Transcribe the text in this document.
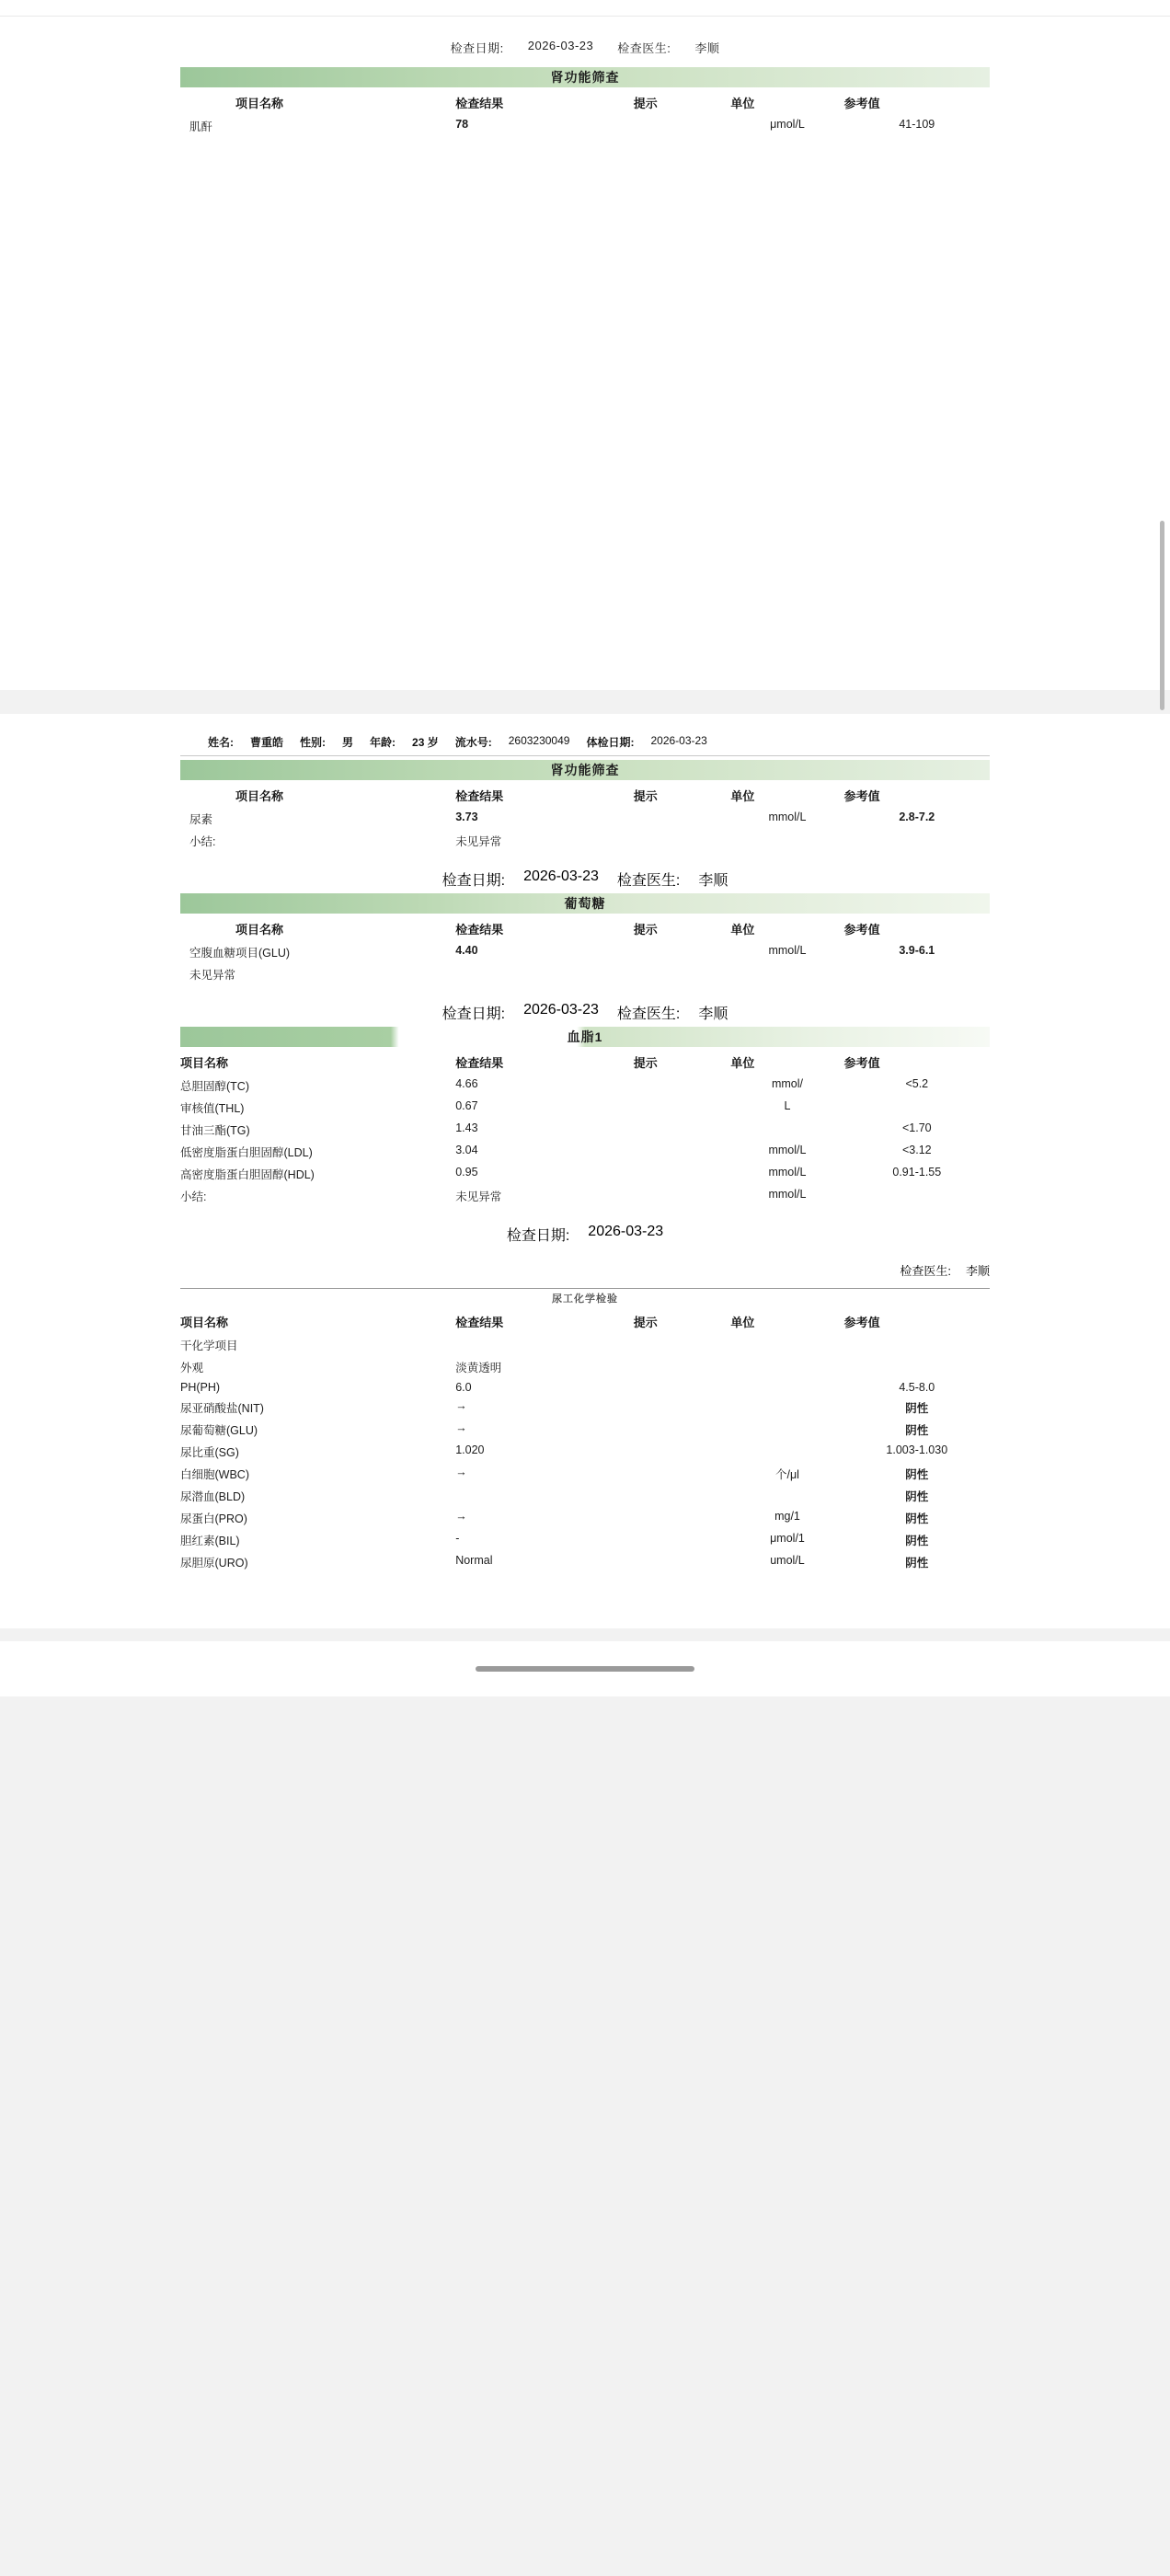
检查日期: 2026-03-23 检查医生: 李顺
肾功能筛查
项目名称	检查结果	提示	单位	参考值
肌酐	78		μmol/L	41-109
姓名: 曹重皓 性别: 男 年龄: 23 岁 流水号: 2603230049 体检日期: 2026-03-23
肾功能筛查
项目名称	检查结果	提示	单位	参考值
尿素	3.73		mmol/L	2.8-7.2
小结:	未见异常			
检查日期: 2026-03-23 检查医生: 李顺
葡萄糖
项目名称	检查结果	提示	单位	参考值
空腹血糖项目(GLU)	4.40		mmol/L	3.9-6.1
未见异常				
检查日期: 2026-03-23 检查医生: 李顺
血脂1
项目名称	检查结果	提示	单位	参考值
总胆固醇(TC)	4.66		mmol/	<5.2
审核值(THL)	0.67		L	
甘油三酯(TG)	1.43			<1.70
低密度脂蛋白胆固醇(LDL)	3.04		mmol/L	<3.12
高密度脂蛋白胆固醇(HDL)	0.95		mmol/L	0.91-1.55
小结:	未见异常		mmol/L	
检查日期: 2026-03-23
检查医生: 李顺
尿工化学检验
项目名称	检查结果	提示	单位	参考值
干化学项目				
外观	淡黄透明			
PH(PH)	6.0			4.5-8.0
尿亚硝酸盐(NIT)	→			阴性
尿葡萄糖(GLU)	→			阴性
尿比重(SG)	1.020			1.003-1.030
白细胞(WBC)	→		个/μl	阴性
尿潜血(BLD)				阴性
尿蛋白(PRO)	→		mg/1	阴性
胆红素(BIL)	-		μmol/1	阴性
尿胆原(URO)	Normal		umol/L	阴性
